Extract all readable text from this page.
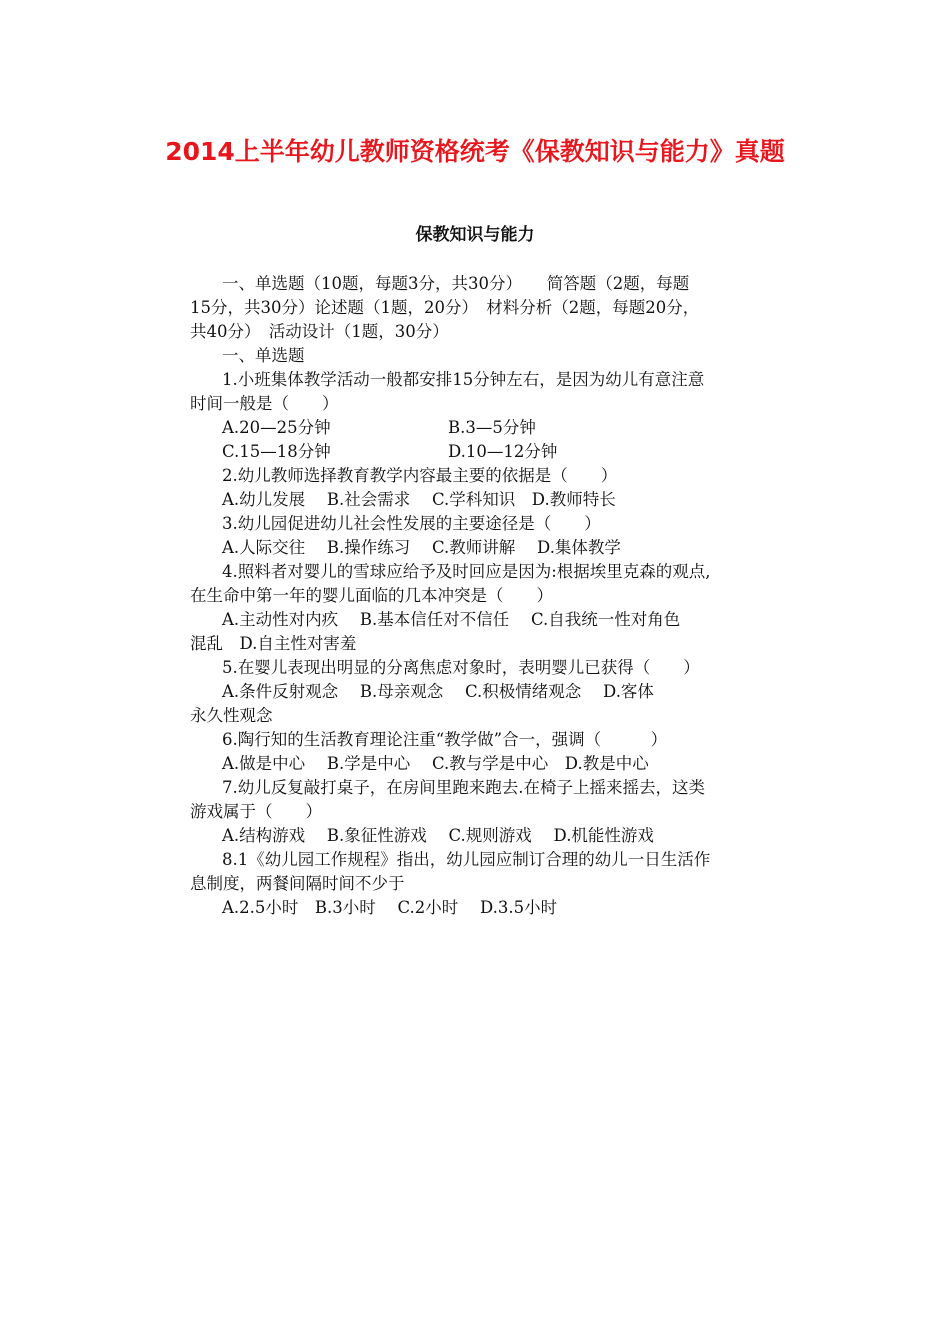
2014上半年幼儿教师资格统考《保教知识与能力》真题
保教知识与能力
一、单选题（10题，每题3分，共30分）　　简答题（2题，每题
15分，共30分）论述题（1题，20分）　材料分析（2题，每题20分，
共40分）　活动设计（1题，30分）
一、单选题
1.小班集体教学活动一般都安排15分钟左右，是因为幼儿有意注意
时间一般是（　　）
A.20—25分钟	B.3—5分钟
C.15—18分钟	D.10—12分钟
2.幼儿教师选择教育教学内容最主要的依据是（　　）
A.幼儿发展　 B.社会需求　 C.学科知识　D.教师特长
3.幼儿园促进幼儿社会性发展的主要途径是（　　）
A.人际交往　 B.操作练习　 C.教师讲解　 D.集体教学
4.照料者对婴儿的雪球应给予及时回应是因为:根据埃里克森的观点,
在生命中第一年的婴儿面临的几本冲突是（　　）
A.主动性对内疚　 B.基本信任对不信任　 C.自我统一性对角色
混乱　D.自主性对害羞
5.在婴儿表现出明显的分离焦虑对象时，表明婴儿已获得（　　）
A.条件反射观念　 B.母亲观念　 C.积极情绪观念　 D.客体
永久性观念
6.陶行知的生活教育理论注重“教学做”合一，强调（　　　）
A.做是中心　 B.学是中心　 C.教与学是中心　D.教是中心
7.幼儿反复敲打桌子，在房间里跑来跑去.在椅子上摇来摇去，这类
游戏属于（　　）
A.结构游戏　 B.象征性游戏　 C.规则游戏　 D.机能性游戏
8.1《幼儿园工作规程》指出，幼儿园应制订合理的幼儿一日生活作
息制度，两餐间隔时间不少于
A.2.5小时　B.3小时　 C.2小时　 D.3.5小时
